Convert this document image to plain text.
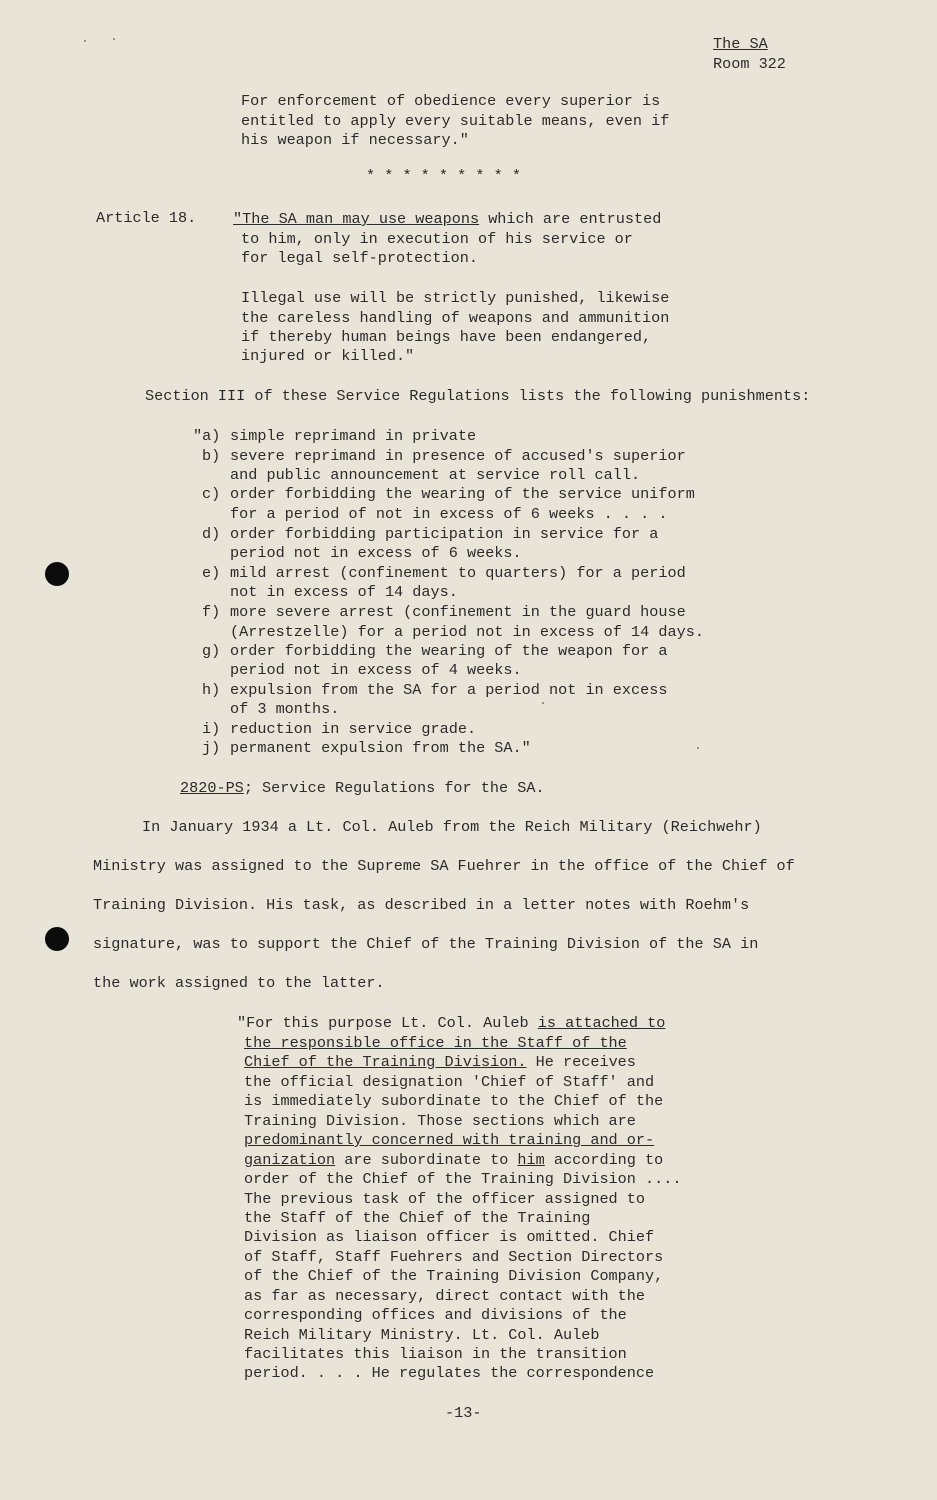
The SA
Room 322
For enforcement of obedience every superior is
entitled to apply every suitable means, even if
his weapon if necessary."
* * * * * * * * *
Article 18. "The SA man may use weapons which are entrusted
to him, only in execution of his service or
for legal self-protection.
Illegal use will be strictly punished, likewise
the careless handling of weapons and ammunition
if thereby human beings have been endangered,
injured or killed."
Section III of these Service Regulations lists the following punishments:
"a) simple reprimand in private
b) severe reprimand in presence of accused's superior
and public announcement at service roll call.
c) order forbidding the wearing of the service uniform
for a period of not in excess of 6 weeks . . . .
d) order forbidding participation in service for a
period not in excess of 6 weeks.
e) mild arrest (confinement to quarters) for a period
not in excess of 14 days.
f) more severe arrest (confinement in the guard house
(Arrestzelle) for a period not in excess of 14 days.
g) order forbidding the wearing of the weapon for a
period not in excess of 4 weeks.
h) expulsion from the SA for a period not in excess
of 3 months.
i) reduction in service grade.
j) permanent expulsion from the SA."
2820-PS; Service Regulations for the SA.
In January 1934 a Lt. Col. Auleb from the Reich Military (Reichwehr)
Ministry was assigned to the Supreme SA Fuehrer in the office of the Chief of
Training Division. His task, as described in a letter notes with Roehm's
signature, was to support the Chief of the Training Division of the SA in
the work assigned to the latter.
"For this purpose Lt. Col. Auleb is attached to
the responsible office in the Staff of the
Chief of the Training Division. He receives
the official designation 'Chief of Staff' and
is immediately subordinate to the Chief of the
Training Division. Those sections which are
predominantly concerned with training and or-
ganization are subordinate to him according to
order of the Chief of the Training Division ....
The previous task of the officer assigned to
the Staff of the Chief of the Training
Division as liaison officer is omitted. Chief
of Staff, Staff Fuehrers and Section Directors
of the Chief of the Training Division Company,
as far as necessary, direct contact with the
corresponding offices and divisions of the
Reich Military Ministry. Lt. Col. Auleb
facilitates this liaison in the transition
period. . . . He regulates the correspondence
-13-
